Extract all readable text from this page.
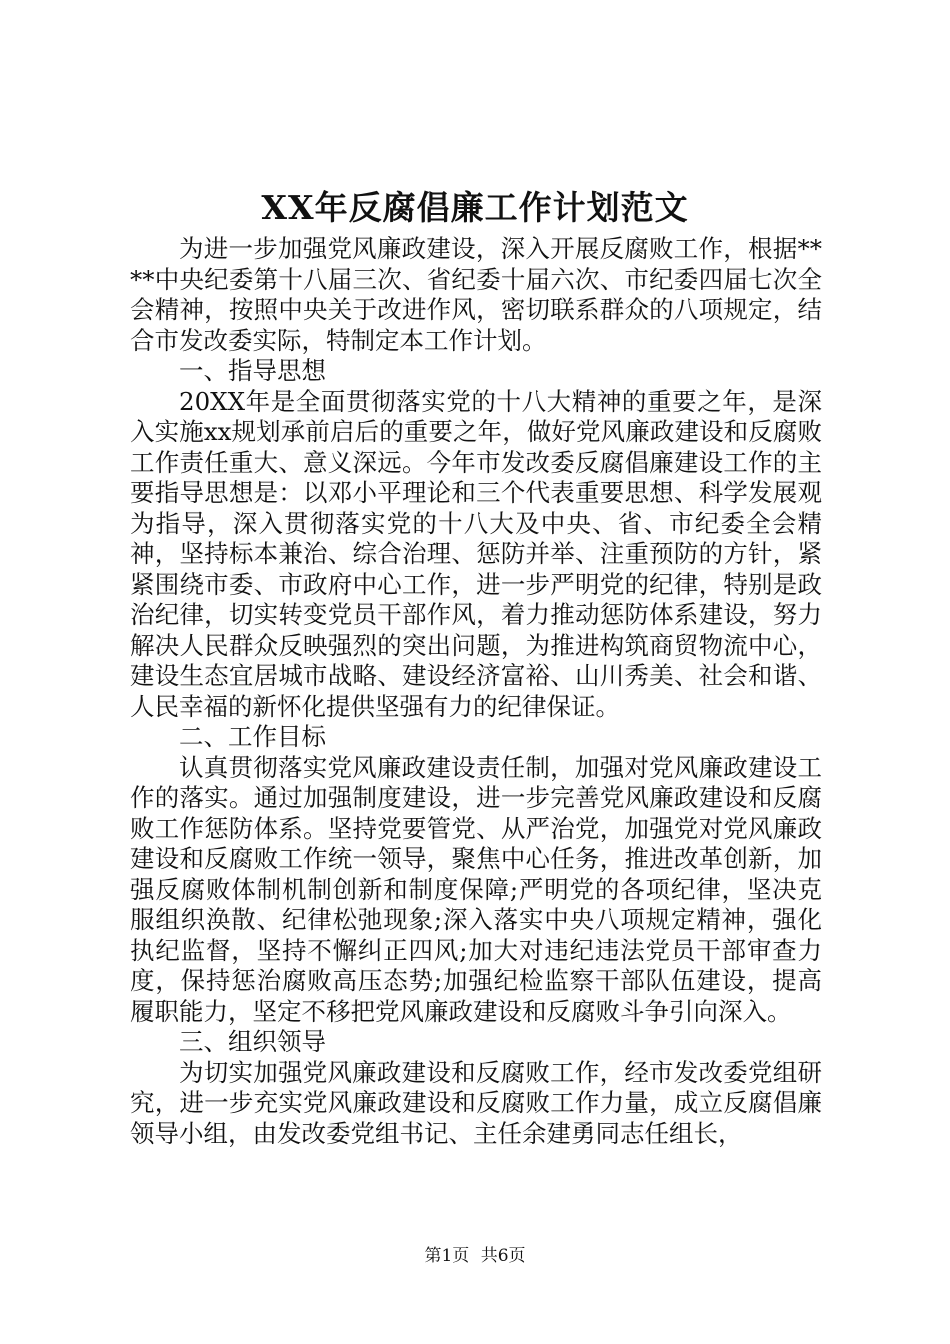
XX年反腐倡廉工作计划范文

为进一步加强党风廉政建设，深入开展反腐败工作，根据****中央纪委第十八届三次、省纪委十届六次、市纪委四届七次全会精神，按照中央关于改进作风，密切联系群众的八项规定，结合市发改委实际，特制定本工作计划。

一、指导思想

20XX年是全面贯彻落实党的十八大精神的重要之年，是深入实施xx规划承前启后的重要之年，做好党风廉政建设和反腐败工作责任重大、意义深远。今年市发改委反腐倡廉建设工作的主要指导思想是：以邓小平理论和三个代表重要思想、科学发展观为指导，深入贯彻落实党的十八大及中央、省、市纪委全会精神，坚持标本兼治、综合治理、惩防并举、注重预防的方针，紧紧围绕市委、市政府中心工作，进一步严明党的纪律，特别是政治纪律，切实转变党员干部作风，着力推动惩防体系建设，努力解决人民群众反映强烈的突出问题，为推进构筑商贸物流中心，建设生态宜居城市战略、建设经济富裕、山川秀美、社会和谐、人民幸福的新怀化提供坚强有力的纪律保证。

二、工作目标

认真贯彻落实党风廉政建设责任制，加强对党风廉政建设工作的落实。通过加强制度建设，进一步完善党风廉政建设和反腐败工作惩防体系。坚持党要管党、从严治党，加强党对党风廉政建设和反腐败工作统一领导，聚焦中心任务，推进改革创新，加强反腐败体制机制创新和制度保障;严明党的各项纪律，坚决克服组织涣散、纪律松弛现象;深入落实中央八项规定精神，强化执纪监督，坚持不懈纠正四风;加大对违纪违法党员干部审查力度，保持惩治腐败高压态势;加强纪检监察干部队伍建设，提高履职能力，坚定不移把党风廉政建设和反腐败斗争引向深入。

三、组织领导

为切实加强党风廉政建设和反腐败工作，经市发改委党组研究，进一步充实党风廉政建设和反腐败工作力量，成立反腐倡廉领导小组，由发改委党组书记、主任余建勇同志任组长，

第1页 共6页
